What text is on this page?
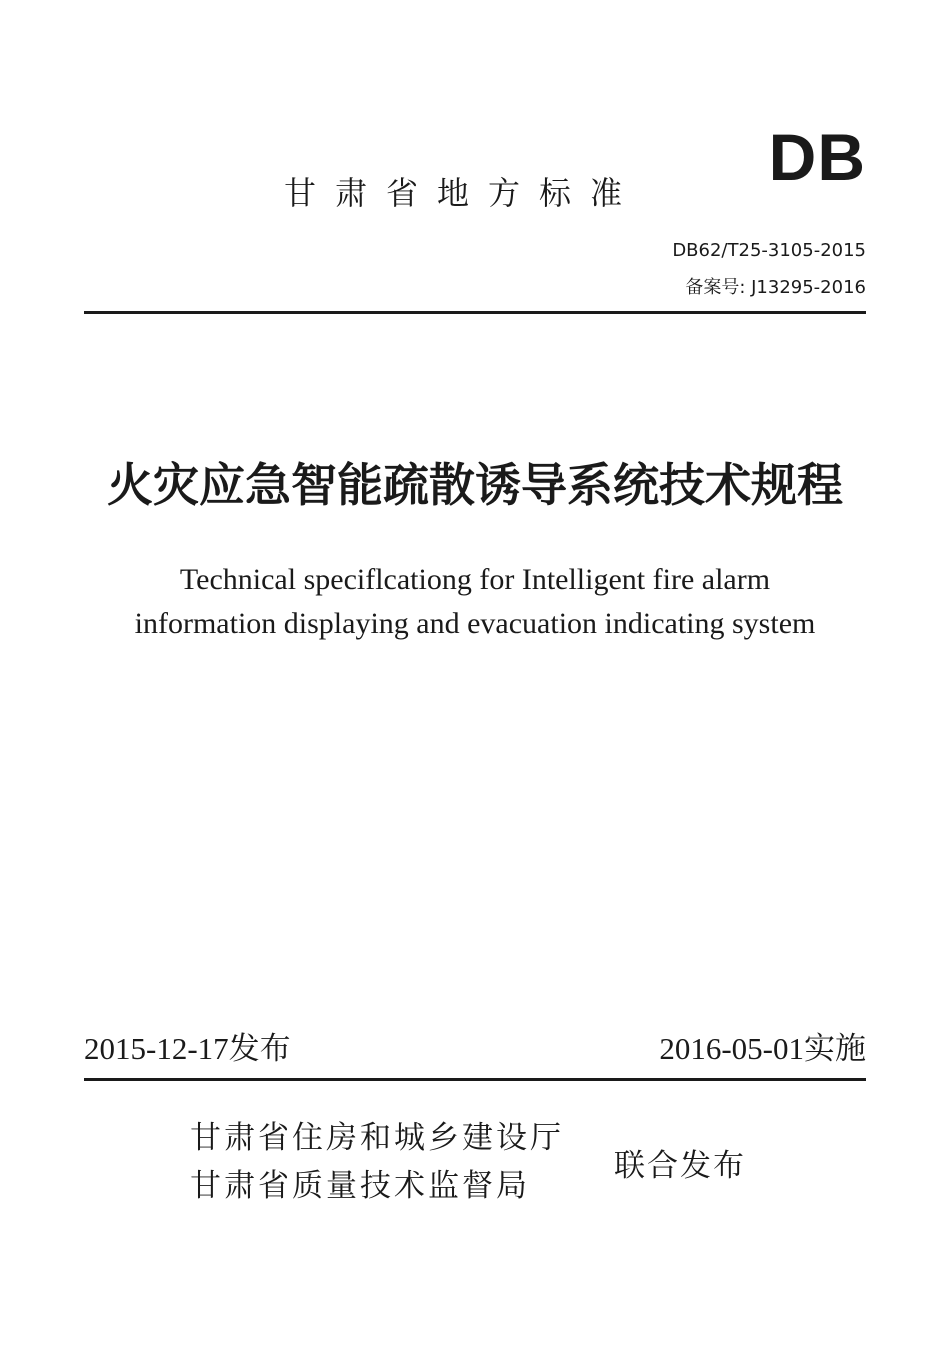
DB
甘肃省地方标准
DB62/T25-3105-2015
备案号: J13295-2016
火灾应急智能疏散诱导系统技术规程
Technical speciflcationg for Intelligent fire alarm
information displaying and evacuation indicating system
2015-12-17发布	2016-05-01实施
甘肃省住房和城乡建设厅
甘肃省质量技术监督局
联合发布
